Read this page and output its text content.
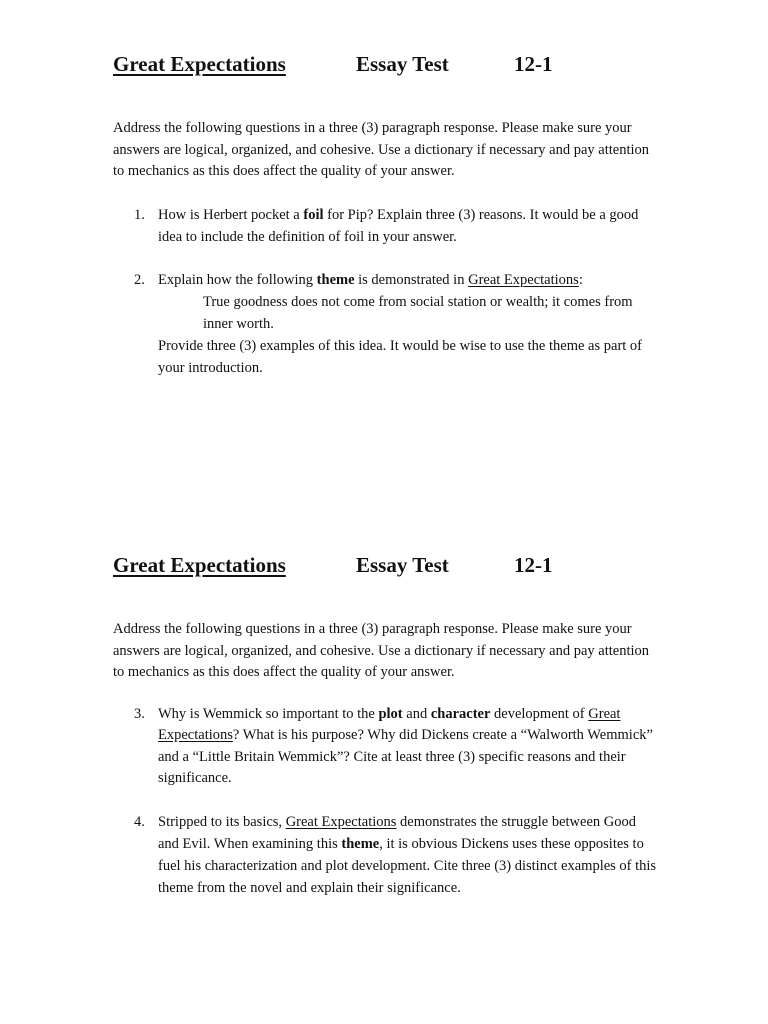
Great Expectations	Essay Test	12-1

Address the following questions in a three (3) paragraph response. Please make sure your answers are logical, organized, and cohesive. Use a dictionary if necessary and pay attention to mechanics as this does affect the quality of your answer.

1. How is Herbert pocket a foil for Pip? Explain three (3) reasons. It would be a good idea to include the definition of foil in your answer.
2. Explain how the following theme is demonstrated in Great Expectations:
True goodness does not come from social station or wealth; it comes from inner worth.
Provide three (3) examples of this idea. It would be wise to use the theme as part of your introduction.
Great Expectations	Essay Test	12-1

Address the following questions in a three (3) paragraph response. Please make sure your answers are logical, organized, and cohesive. Use a dictionary if necessary and pay attention to mechanics as this does affect the quality of your answer.

3. Why is Wemmick so important to the plot and character development of Great Expectations? What is his purpose? Why did Dickens create a “Walworth Wemmick” and a “Little Britain Wemmick”? Cite at least three (3) specific reasons and their significance.
4. Stripped to its basics, Great Expectations demonstrates the struggle between Good and Evil. When examining this theme, it is obvious Dickens uses these opposites to fuel his characterization and plot development. Cite three (3) distinct examples of this theme from the novel and explain their significance.
